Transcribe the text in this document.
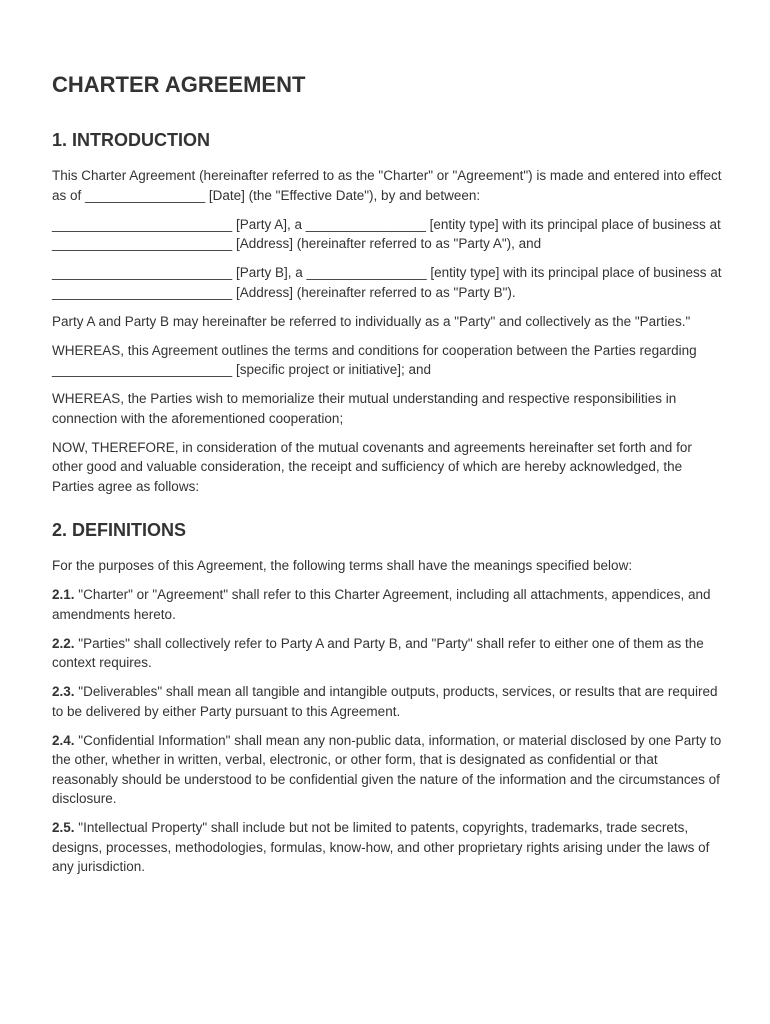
CHARTER AGREEMENT
1. INTRODUCTION

This Charter Agreement (hereinafter referred to as the "Charter" or "Agreement") is made and entered into effect as of ________________ [Date] (the "Effective Date"), by and between:

________________________ [Party A], a ________________ [entity type] with its principal place of business at ________________________ [Address] (hereinafter referred to as "Party A"), and

________________________ [Party B], a ________________ [entity type] with its principal place of business at ________________________ [Address] (hereinafter referred to as "Party B").

Party A and Party B may hereinafter be referred to individually as a "Party" and collectively as the "Parties."

WHEREAS, this Agreement outlines the terms and conditions for cooperation between the Parties regarding ________________________ [specific project or initiative]; and

WHEREAS, the Parties wish to memorialize their mutual understanding and respective responsibilities in connection with the aforementioned cooperation;

NOW, THEREFORE, in consideration of the mutual covenants and agreements hereinafter set forth and for other good and valuable consideration, the receipt and sufficiency of which are hereby acknowledged, the Parties agree as follows:

2. DEFINITIONS

For the purposes of this Agreement, the following terms shall have the meanings specified below:

2.1. "Charter" or "Agreement" shall refer to this Charter Agreement, including all attachments, appendices, and amendments hereto.

2.2. "Parties" shall collectively refer to Party A and Party B, and "Party" shall refer to either one of them as the context requires.

2.3. "Deliverables" shall mean all tangible and intangible outputs, products, services, or results that are required to be delivered by either Party pursuant to this Agreement.

2.4. "Confidential Information" shall mean any non-public data, information, or material disclosed by one Party to the other, whether in written, verbal, electronic, or other form, that is designated as confidential or that reasonably should be understood to be confidential given the nature of the information and the circumstances of disclosure.

2.5. "Intellectual Property" shall include but not be limited to patents, copyrights, trademarks, trade secrets, designs, processes, methodologies, formulas, know-how, and other proprietary rights arising under the laws of any jurisdiction.
